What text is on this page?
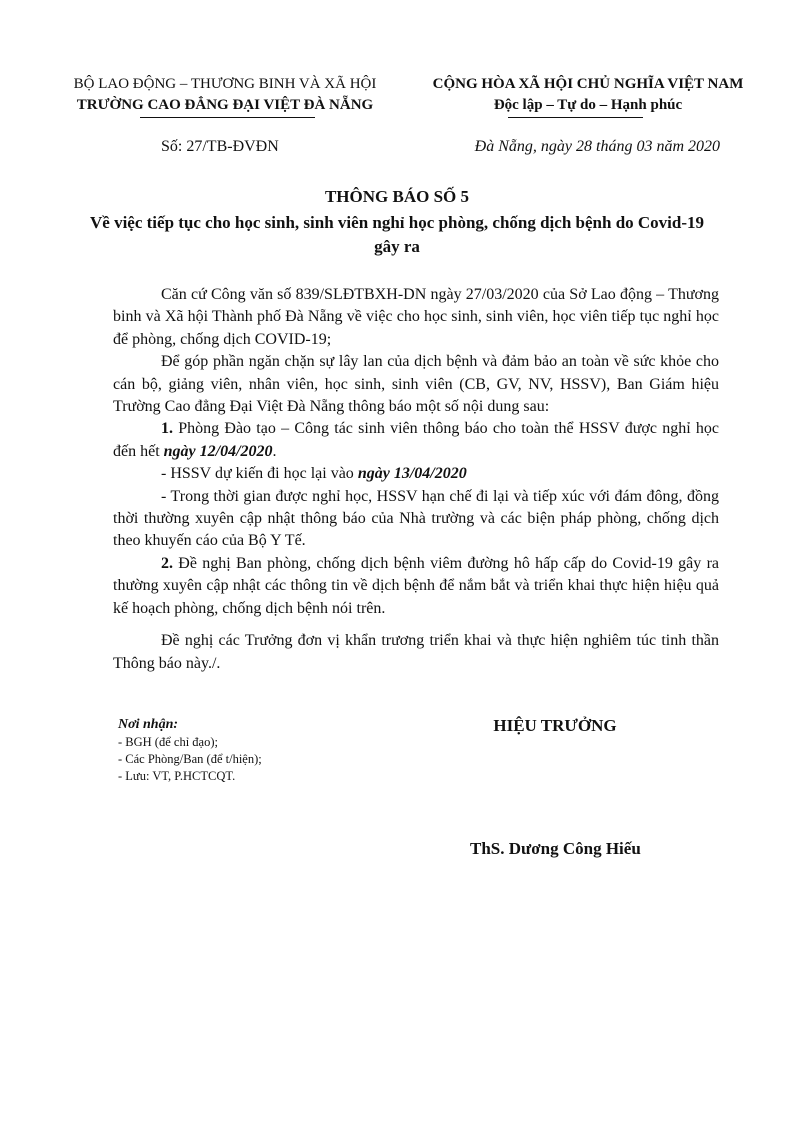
BỘ LAO ĐỘNG – THƯƠNG BINH VÀ XÃ HỘI
TRƯỜNG CAO ĐẲNG ĐẠI VIỆT ĐÀ NẴNG
CỘNG HÒA XÃ HỘI CHỦ NGHĨA VIỆT NAM
Độc lập – Tự do – Hạnh phúc
Số: 27/TB-ĐVĐN	Đà Nẵng, ngày 28 tháng 03 năm 2020
THÔNG BÁO SỐ 5
Về việc tiếp tục cho học sinh, sinh viên nghỉ học phòng, chống dịch bệnh do Covid-19 gây ra

Căn cứ Công văn số 839/SLĐTBXH-DN ngày 27/03/2020 của Sở Lao động – Thương binh và Xã hội Thành phố Đà Nẵng về việc cho học sinh, sinh viên, học viên tiếp tục nghỉ học để phòng, chống dịch COVID-19;

Để góp phần ngăn chặn sự lây lan của dịch bệnh và đảm bảo an toàn về sức khỏe cho cán bộ, giảng viên, nhân viên, học sinh, sinh viên (CB, GV, NV, HSSV), Ban Giám hiệu Trường Cao đẳng Đại Việt Đà Nẵng thông báo một số nội dung sau:

1. Phòng Đào tạo – Công tác sinh viên thông báo cho toàn thể HSSV được nghỉ học đến hết ngày 12/04/2020.

- HSSV dự kiến đi học lại vào ngày 13/04/2020

- Trong thời gian được nghỉ học, HSSV hạn chế đi lại và tiếp xúc với đám đông, đồng thời thường xuyên cập nhật thông báo của Nhà trường và các biện pháp phòng, chống dịch theo khuyến cáo của Bộ Y Tế.

2. Đề nghị Ban phòng, chống dịch bệnh viêm đường hô hấp cấp do Covid-19 gây ra thường xuyên cập nhật các thông tin về dịch bệnh để nắm bắt và triển khai thực hiện hiệu quả kế hoạch phòng, chống dịch bệnh nói trên.

Đề nghị các Trưởng đơn vị khẩn trương triển khai và thực hiện nghiêm túc tinh thần Thông báo này./.

Nơi nhận:
- BGH (để chỉ đạo);
- Các Phòng/Ban (để t/hiện);
- Lưu: VT, P.HCTCQT.
HIỆU TRƯỞNG
ThS. Dương Công Hiếu
